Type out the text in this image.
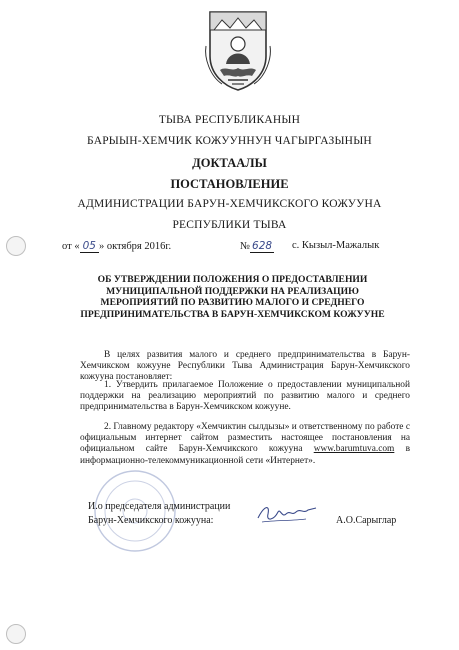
ТЫВА РЕСПУБЛИКАНЫН
БАРЫЫН-ХЕМЧИК КОЖУУННУН ЧАГЫРГАЗЫНЫН
ДОКТААЛЫ
ПОСТАНОВЛЕНИЕ
АДМИНИСТРАЦИИ БАРУН-ХЕМЧИКСКОГО КОЖУУНА
РЕСПУБЛИКИ ТЫВА
от « 05 » октября 2016г.	№ 628 с. Кызыл-Мажалык
ОБ УТВЕРЖДЕНИИ ПОЛОЖЕНИЯ О ПРЕДОСТАВЛЕНИИ
МУНИЦИПАЛЬНОЙ ПОДДЕРЖКИ НА РЕАЛИЗАЦИЮ
МЕРОПРИЯТИЙ ПО РАЗВИТИЮ МАЛОГО И СРЕДНЕГО
ПРЕДПРИНИМАТЕЛЬСТВА В БАРУН-ХЕМЧИКСКОМ КОЖУУНЕ
В целях развития малого и среднего предпринимательства в Барун-Хемчикском кожууне Республики Тыва Администрация Барун-Хемчикского кожууна постановляет:
1. Утвердить прилагаемое Положение о предоставлении муниципальной поддержки на реализацию мероприятий по развитию малого и среднего предпринимательства в Барун-Хемчикском кожууне.
2. Главному редактору «Хемчиктин сылдызы» и ответственному по работе с официальным интернет сайтом разместить настоящее постановления на официальном сайте Барун-Хемчикского кожууна www.barumtuva.com в информационно-телекоммуникационной сети «Интернет».
И.о председателя администрации
Барун-Хемчикского кожууна:	А.О.Сарыглар
